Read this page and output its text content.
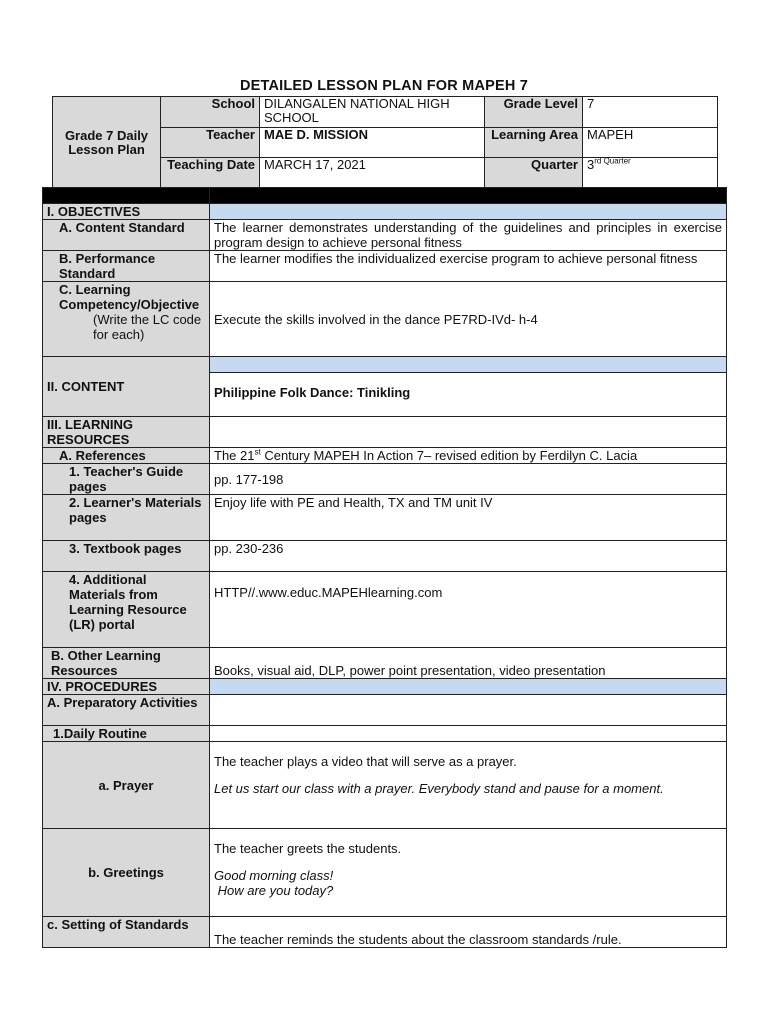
DETAILED LESSON PLAN FOR MAPEH 7
Grade 7 Daily Lesson Plan	School	DILANGALEN NATIONAL HIGH SCHOOL	Grade Level	7
	Teacher	MAE D. MISSION	Learning Area	MAPEH
	Teaching Date	MARCH 17, 2021	Quarter	$3^{rd Quarter}$

I. OBJECTIVES	
A. Content Standard	The learner demonstrates understanding of the guidelines and principles in exercise program design to achieve personal fitness
B. Performance Standard	The learner modifies the individualized exercise program to achieve personal fitness
C. Learning Competency/Objective

(Write the LC code for each)	Execute the skills involved in the dance PE7RD-IVd- h-4
II. CONTENT	Philippine Folk Dance: Tinikling

III. LEARNING RESOURCES	
A. References	The 21st Century MAPEH In Action 7– revised edition by Ferdilyn C. Lacia
1. Teacher's Guide pages	pp. 177-198
2. Learner's Materials pages	Enjoy life with PE and Health, TX and TM unit IV
3. Textbook pages	pp. 230-236
4. Additional Materials from Learning Resource (LR) portal	HTTP//.www.educ.MAPEHlearning.com
B. Other Learning Resources	Books, visual aid, DLP, power point presentation, video presentation
IV. PROCEDURES	
A. Preparatory Activities	
1.Daily Routine	
a. Prayer	The teacher plays a video that will serve as a prayer.

Let us start our class with a prayer. Everybody stand and pause for a moment.

b. Greetings	The teacher greets the students.

Good morning class!

How are you today?

c. Setting of Standards	The teacher reminds the students about the classroom standards /rule.
